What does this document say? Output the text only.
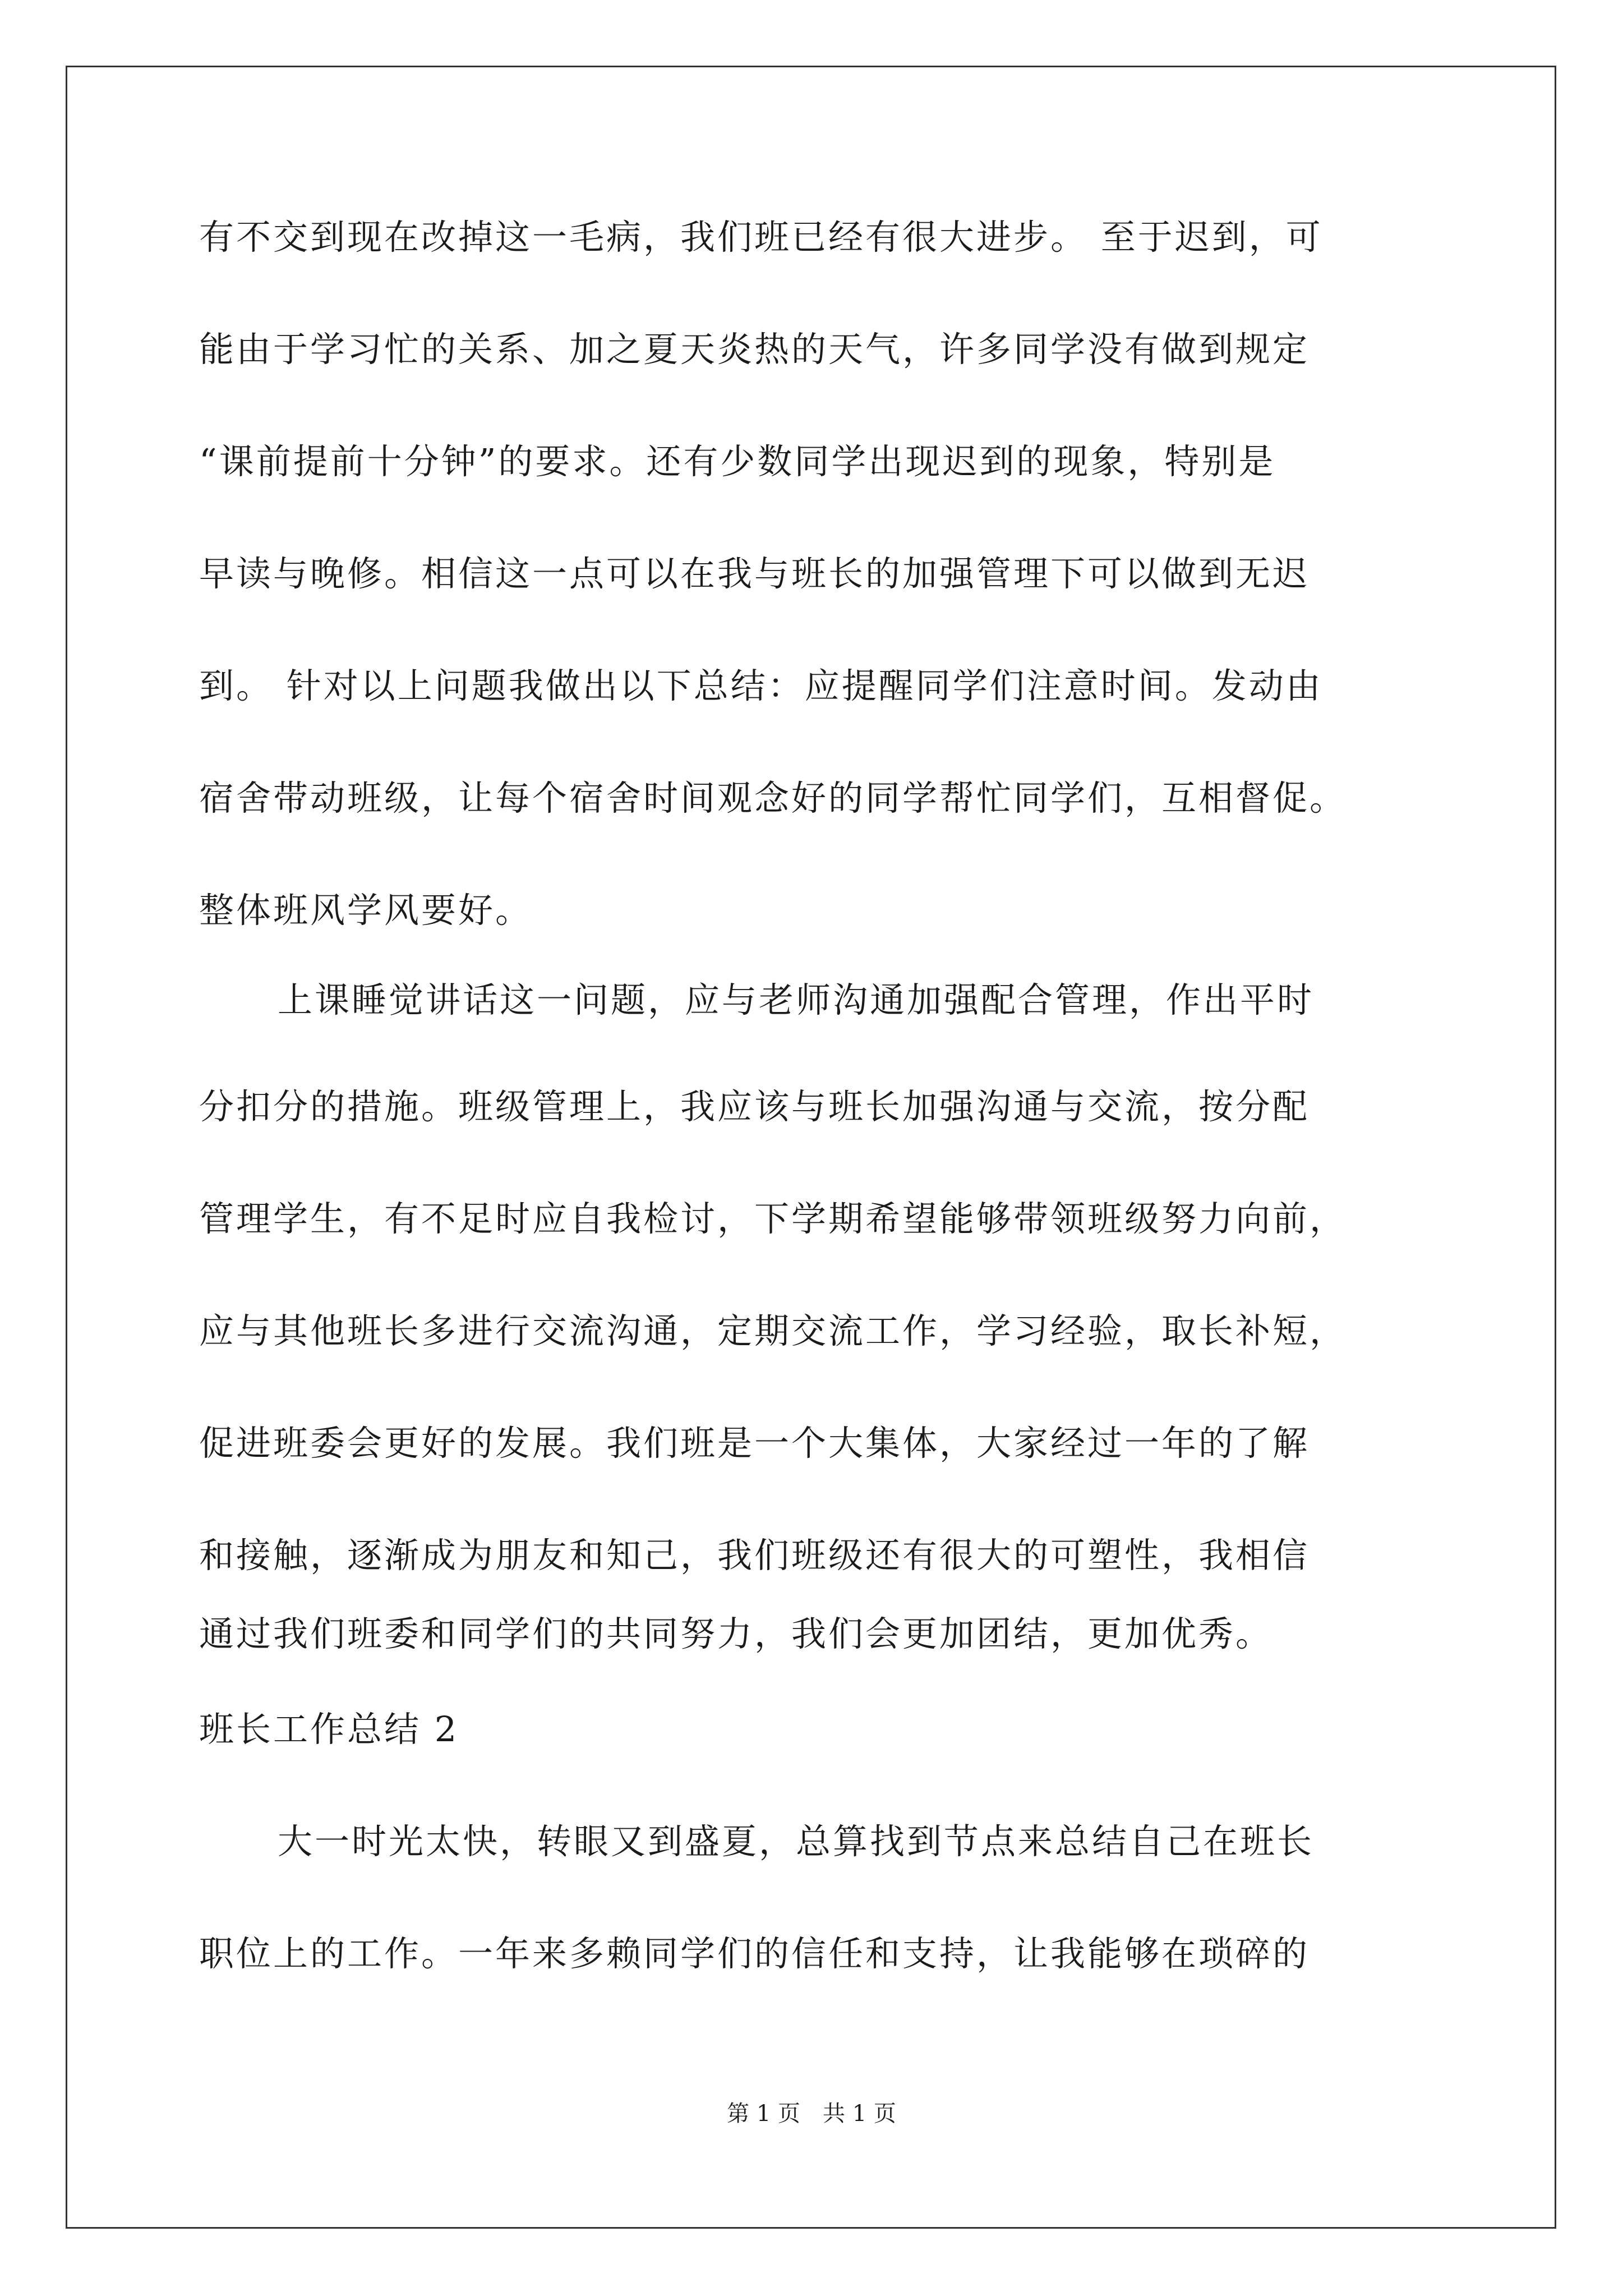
有不交到现在改掉这一毛病，我们班已经有很大进步。 至于迟到，可
能由于学习忙的关系、加之夏天炎热的天气，许多同学没有做到规定
“课前提前十分钟”的要求。还有少数同学出现迟到的现象，特别是
早读与晚修。相信这一点可以在我与班长的加强管理下可以做到无迟
到。 针对以上问题我做出以下总结：应提醒同学们注意时间。发动由
宿舍带动班级，让每个宿舍时间观念好的同学帮忙同学们，互相督促。
整体班风学风要好。
上课睡觉讲话这一问题，应与老师沟通加强配合管理，作出平时
分扣分的措施。班级管理上，我应该与班长加强沟通与交流，按分配
管理学生，有不足时应自我检讨，下学期希望能够带领班级努力向前，
应与其他班长多进行交流沟通，定期交流工作，学习经验，取长补短，
促进班委会更好的发展。我们班是一个大集体，大家经过一年的了解
和接触，逐渐成为朋友和知己，我们班级还有很大的可塑性，我相信
通过我们班委和同学们的共同努力，我们会更加团结，更加优秀。
班长工作总结 2
大一时光太快，转眼又到盛夏，总算找到节点来总结自己在班长
职位上的工作。一年来多赖同学们的信任和支持，让我能够在琐碎的
第 1 页　共 1 页
